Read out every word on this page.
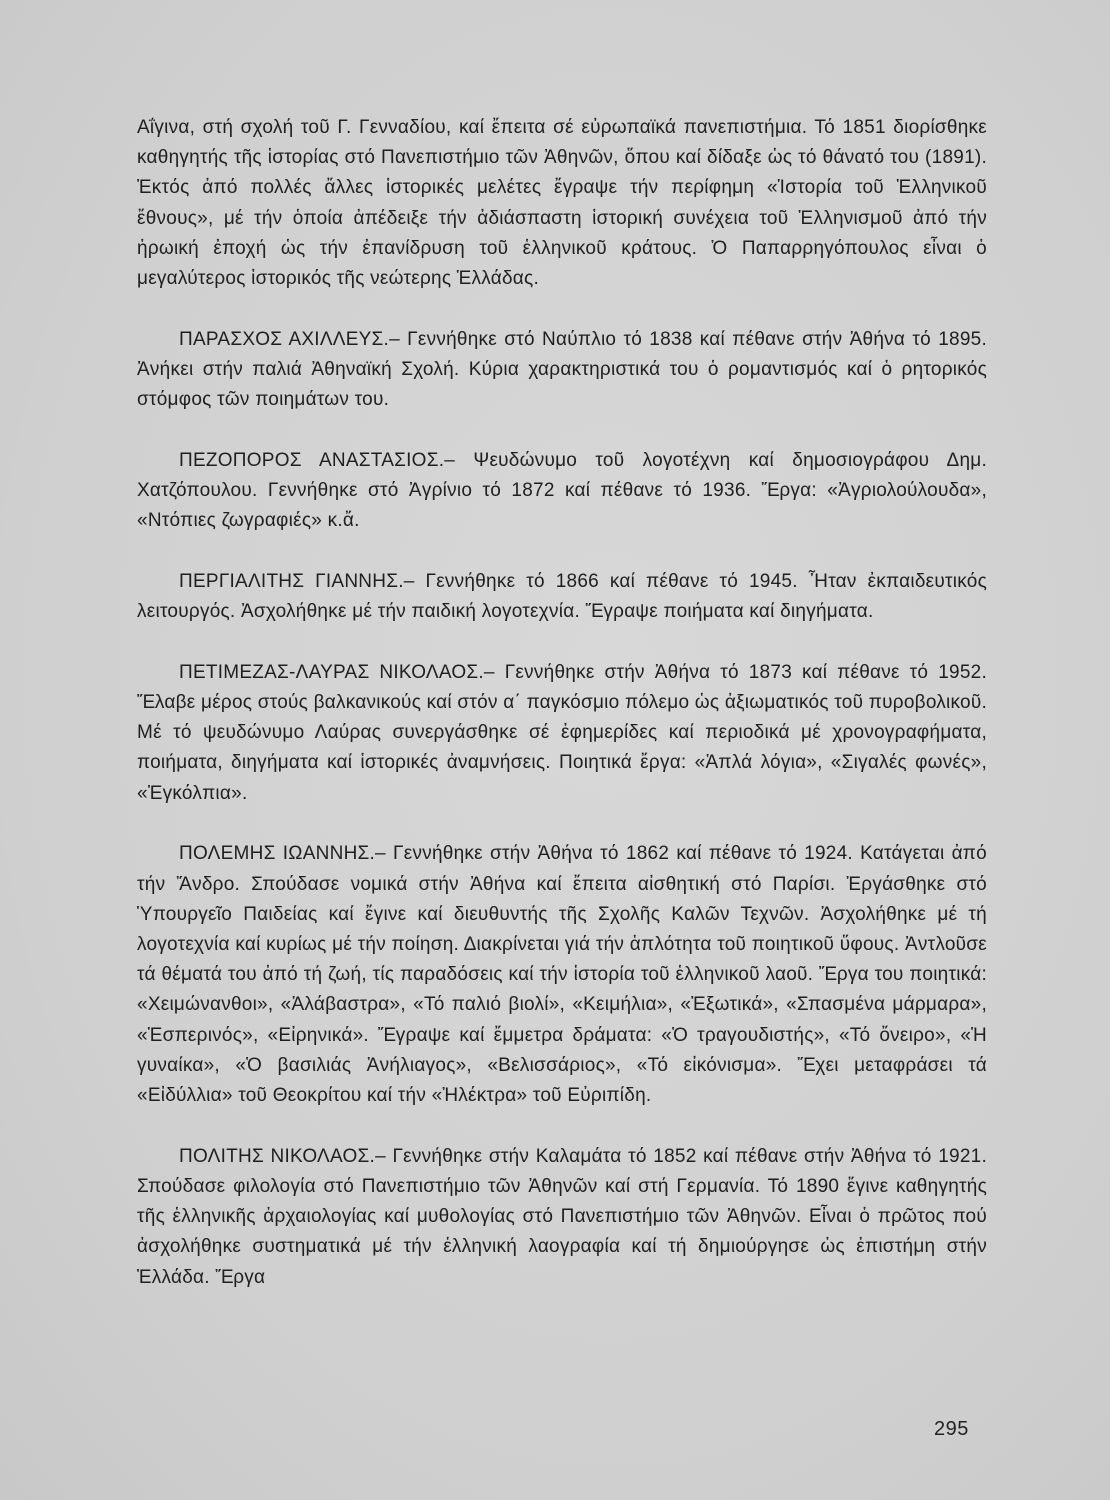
Αΐγινα, στή σχολή τοῦ Γ. Γενναδίου, καί ἔπειτα σέ εὐρωπαϊκά πανεπιστήμια. Τό 1851 διορίσθηκε καθηγητής τῆς ἱστορίας στό Πανεπιστήμιο τῶν Ἀθηνῶν, ὅπου καί δίδαξε ὡς τό θάνατό του (1891). Ἐκτός ἀπό πολλές ἄλλες ἱστορικές μελέτες ἔγραψε τήν περίφημη «Ἱστορία τοῦ Ἑλληνικοῦ ἔθνους», μέ τήν ὁποία ἀπέδειξε τήν ἀδιάσπαστη ἱστορική συνέχεια τοῦ Ἑλληνισμοῦ ἀπό τήν ἡρωική ἐποχή ὡς τήν ἐπανίδρυση τοῦ ἑλληνικοῦ κράτους. Ὁ Παπαρρηγόπουλος εἶναι ὁ μεγαλύτερος ἱστορικός τῆς νεώτερης Ἑλλάδας.

ΠΑΡΑΣΧΟΣ ΑΧΙΛΛΕΥΣ.– Γεννήθηκε στό Ναύπλιο τό 1838 καί πέθανε στήν Ἀθήνα τό 1895. Ἀνήκει στήν παλιά Ἀθηναϊκή Σχολή. Κύρια χαρακτηριστικά του ὁ ρομαντισμός καί ὁ ρητορικός στόμφος τῶν ποιημάτων του.

ΠΕΖΟΠΟΡΟΣ ΑΝΑΣΤΑΣΙΟΣ.– Ψευδώνυμο τοῦ λογοτέχνη καί δημοσιογράφου Δημ. Χατζόπουλου. Γεννήθηκε στό Ἀγρίνιο τό 1872 καί πέθανε τό 1936. Ἔργα: «Ἀγριολούλουδα», «Ντόπιες ζωγραφιές» κ.ἄ.

ΠΕΡΓΙΑΛΙΤΗΣ ΓΙΑΝΝΗΣ.– Γεννήθηκε τό 1866 καί πέθανε τό 1945. Ἦταν ἐκπαιδευτικός λειτουργός. Ἀσχολήθηκε μέ τήν παιδική λογοτεχνία. Ἔγραψε ποιήματα καί διηγήματα.

ΠΕΤΙΜΕΖΑΣ-ΛΑΥΡΑΣ ΝΙΚΟΛΑΟΣ.– Γεννήθηκε στήν Ἀθήνα τό 1873 καί πέθανε τό 1952. Ἔλαβε μέρος στούς βαλκανικούς καί στόν α΄ παγκόσμιο πόλεμο ὡς ἀξιωματικός τοῦ πυροβολικοῦ. Μέ τό ψευδώνυμο Λαύρας συνεργάσθηκε σέ ἐφημερίδες καί περιοδικά μέ χρονογραφήματα, ποιήματα, διηγήματα καί ἱστορικές ἀναμνήσεις. Ποιητικά ἔργα: «Ἁπλά λόγια», «Σιγαλές φωνές», «Ἐγκόλπια».

ΠΟΛΕΜΗΣ ΙΩΑΝΝΗΣ.– Γεννήθηκε στήν Ἀθήνα τό 1862 καί πέθανε τό 1924. Κατάγεται ἀπό τήν Ἄνδρο. Σπούδασε νομικά στήν Ἀθήνα καί ἔπειτα αἰσθητική στό Παρίσι. Ἐργάσθηκε στό Ὑπουργεῖο Παιδείας καί ἔγινε καί διευθυντής τῆς Σχολῆς Καλῶν Τεχνῶν. Ἀσχολήθηκε μέ τή λογοτεχνία καί κυρίως μέ τήν ποίηση. Διακρίνεται γιά τήν ἁπλότητα τοῦ ποιητικοῦ ὕφους. Ἀντλοῦσε τά θέματά του ἀπό τή ζωή, τίς παραδόσεις καί τήν ἱστορία τοῦ ἑλληνικοῦ λαοῦ. Ἔργα του ποιητικά: «Χειμώνανθοι», «Ἀλάβαστρα», «Τό παλιό βιολί», «Κειμήλια», «Ἐξωτικά», «Σπασμένα μάρμαρα», «Ἑσπερινός», «Εἰρηνικά». Ἔγραψε καί ἔμμετρα δράματα: «Ὁ τραγουδιστής», «Τό ὄνειρο», «Ἡ γυναίκα», «Ὁ βασιλιάς Ἀνήλιαγος», «Βελισσάριος», «Τό εἰκόνισμα». Ἔχει μεταφράσει τά «Εἰδύλλια» τοῦ Θεοκρίτου καί τήν «Ἠλέκτρα» τοῦ Εὐριπίδη.

ΠΟΛΙΤΗΣ ΝΙΚΟΛΑΟΣ.– Γεννήθηκε στήν Καλαμάτα τό 1852 καί πέθανε στήν Ἀθήνα τό 1921. Σπούδασε φιλολογία στό Πανεπιστήμιο τῶν Ἀθηνῶν καί στή Γερμανία. Τό 1890 ἔγινε καθηγητής τῆς ἑλληνικῆς ἀρχαιολογίας καί μυθολογίας στό Πανεπιστήμιο τῶν Ἀθηνῶν. Εἶναι ὁ πρῶτος πού ἀσχολήθηκε συστηματικά μέ τήν ἑλληνική λαογραφία καί τή δημιούργησε ὡς ἐπιστήμη στήν Ἑλλάδα. Ἔργα

295
